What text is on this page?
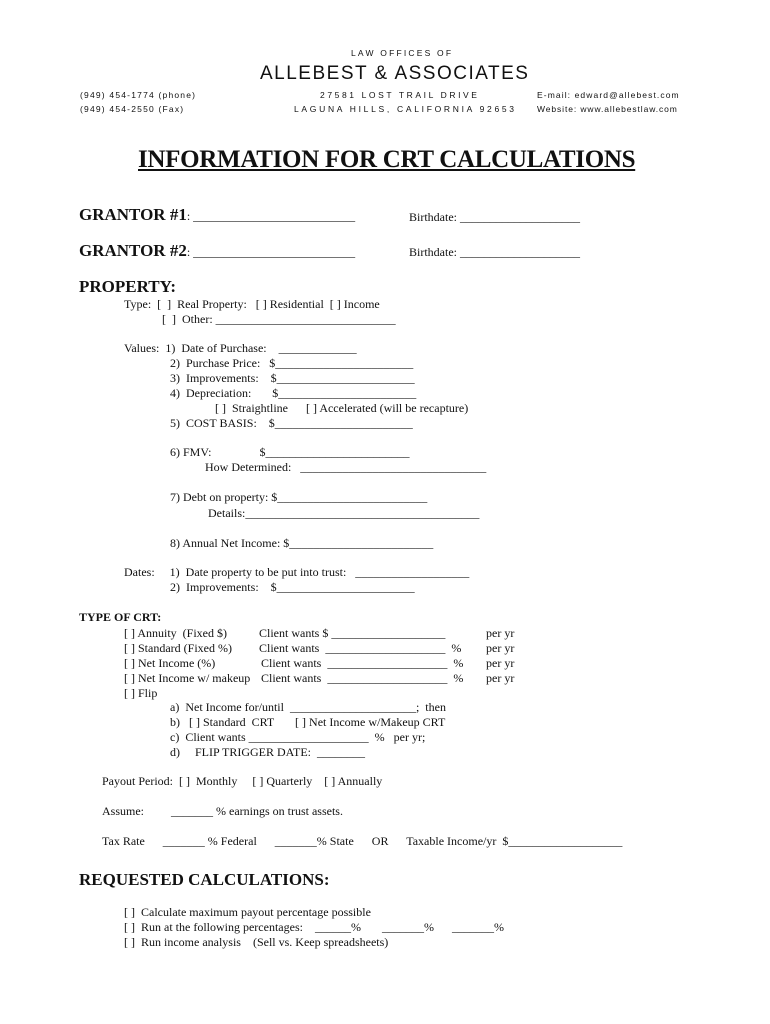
LAW OFFICES OF
ALLEBEST & ASSOCIATES
(949) 454-1774 (phone)
(949) 454-2550 (Fax)
27581 LOST TRAIL DRIVE
LAGUNA HILLS, CALIFORNIA 92653
E-mail: edward@allebest.com
Website: www.allebestlaw.com
INFORMATION FOR CRT CALCULATIONS
GRANTOR #1: ___________________________	Birthdate: ____________________
GRANTOR #2: ___________________________	Birthdate: ____________________
PROPERTY:
Type:  [  ]  Real Property:   [ ] Residential  [ ] Income
[  ]  Other: ______________________________
Values:  1)  Date of Purchase:    _____________
2)  Purchase Price:   $_______________________
3)  Improvements:    $_______________________
4)  Depreciation:       $_______________________
[ ]  Straightline      [ ] Accelerated (will be recapture)
5)  COST BASIS:    $_______________________
6) FMV:                $________________________
How Determined:   _______________________________
7) Debt on property: $_________________________
Details:_______________________________________
8) Annual Net Income: $________________________
Dates:     1)  Date property to be put into trust:   ___________________
2)  Improvements:    $_______________________
TYPE OF CRT:
[ ] Annuity  (Fixed $)	Client wants $ ___________________	per yr
[ ] Standard (Fixed %) Client wants  ____________________  % per yr
[ ] Net Income (%)	Client wants  ____________________  % per yr
[ ] Net Income w/ makeup Client wants  ____________________  % per yr
[ ] Flip
a)  Net Income for/until  _____________________;  then
b)   [ ] Standard  CRT       [ ] Net Income w/Makeup CRT
c)  Client wants ____________________  %   per yr;
d)     FLIP TRIGGER DATE:  ________
Payout Period:  [ ]  Monthly     [ ] Quarterly    [ ] Annually
Assume:         _______ % earnings on trust assets.
Tax Rate      _______ % Federal      _______% State      OR      Taxable Income/yr  $___________________
REQUESTED CALCULATIONS:
[ ]  Calculate maximum payout percentage possible
[ ]  Run at the following percentages:    ______%       _______%      _______%
[ ]  Run income analysis    (Sell vs. Keep spreadsheets)
